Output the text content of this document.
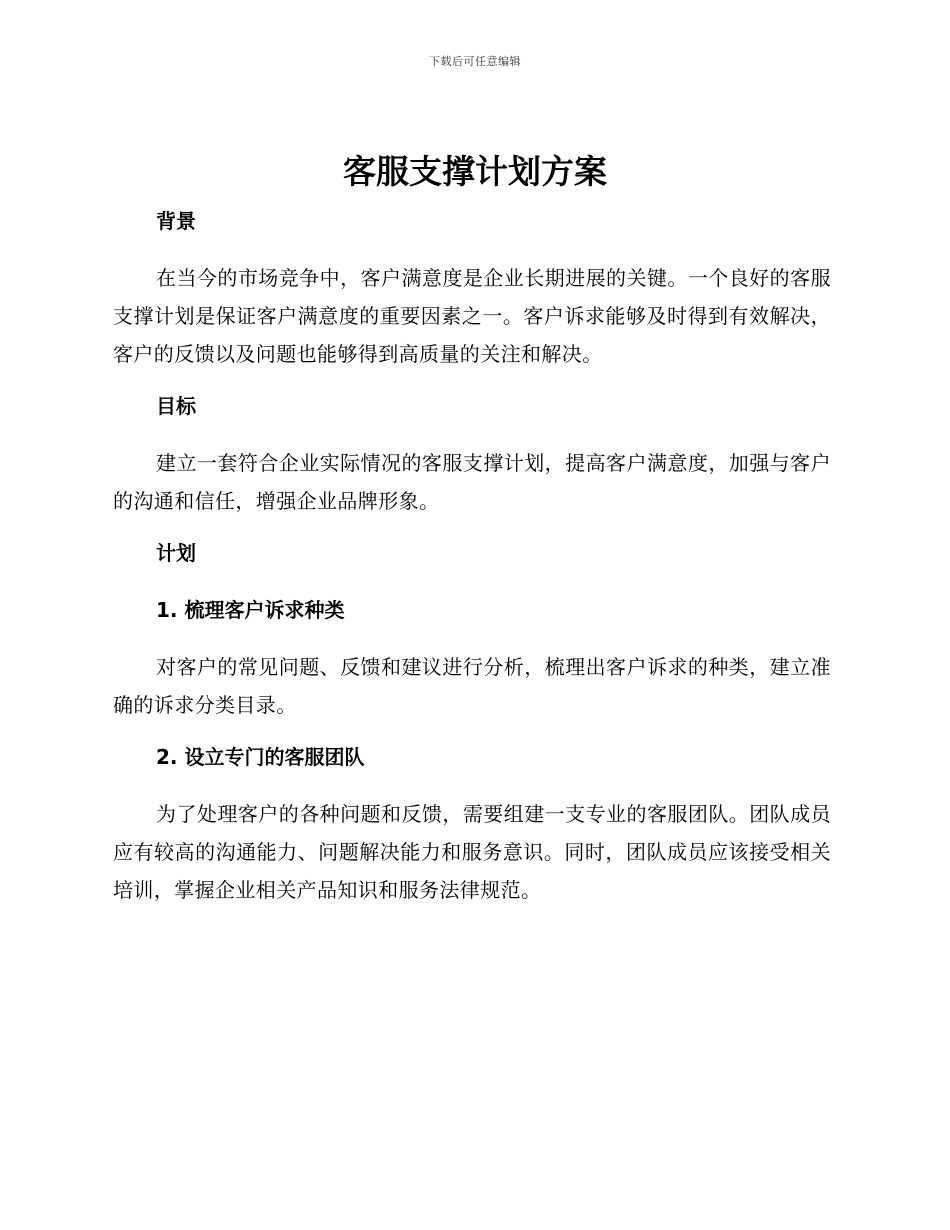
下载后可任意编辑
客服支撑计划方案
背景

在当今的市场竞争中，客户满意度是企业长期进展的关键。一个良好的客服支撑计划是保证客户满意度的重要因素之一。客户诉求能够及时得到有效解决，客户的反馈以及问题也能够得到高质量的关注和解决。

目标

建立一套符合企业实际情况的客服支撑计划，提高客户满意度，加强与客户的沟通和信任，增强企业品牌形象。

计划
1. 梳理客户诉求种类

对客户的常见问题、反馈和建议进行分析，梳理出客户诉求的种类，建立准确的诉求分类目录。

2. 设立专门的客服团队

为了处理客户的各种问题和反馈，需要组建一支专业的客服团队。团队成员应有较高的沟通能力、问题解决能力和服务意识。同时，团队成员应该接受相关培训，掌握企业相关产品知识和服务法律规范。
